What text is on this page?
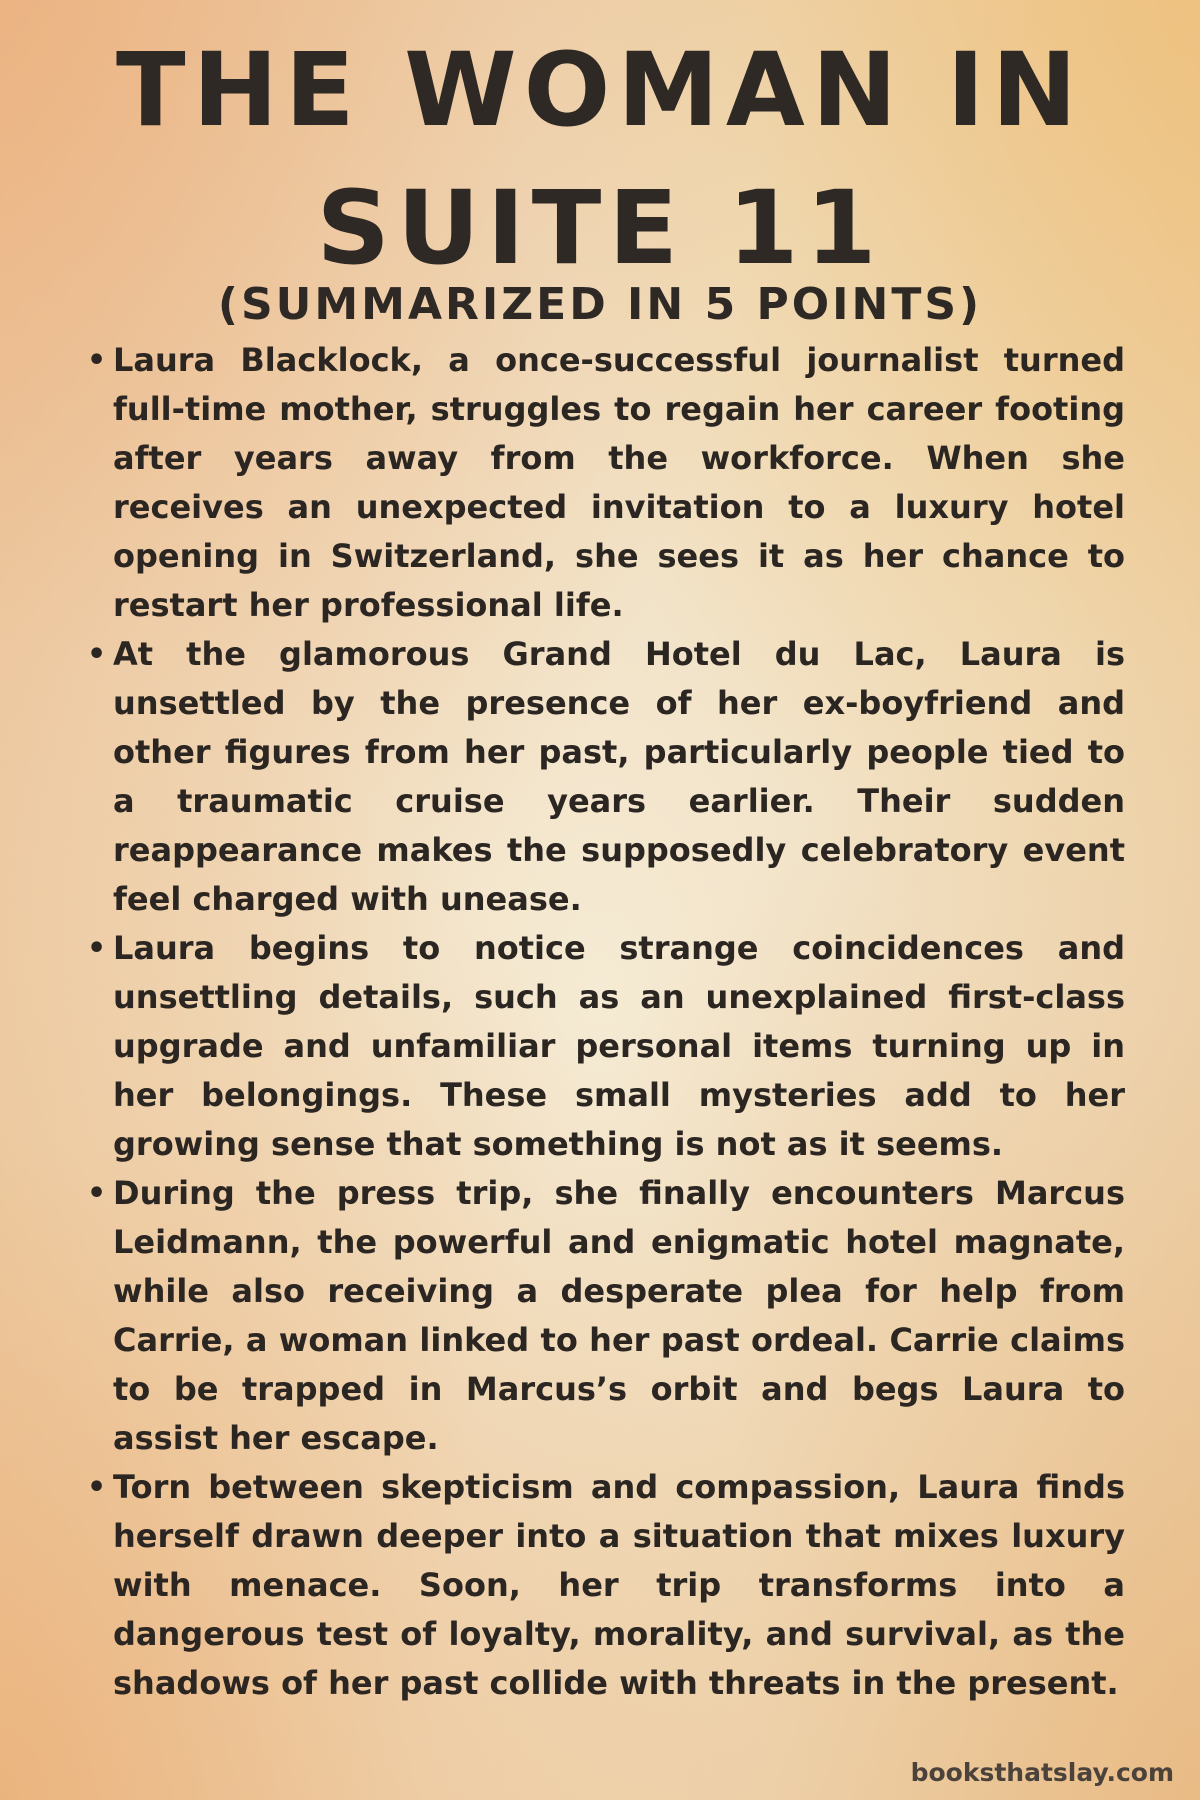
THE WOMAN IN
SUITE 11
(SUMMARIZED IN 5 POINTS)
• Laura Blacklock, a once-successful journalist turned full-time mother, struggles to regain her career footing after years away from the workforce. When she receives an unexpected invitation to a luxury hotel opening in Switzerland, she sees it as her chance to restart her professional life.
• At the glamorous Grand Hotel du Lac, Laura is unsettled by the presence of her ex-boyfriend and other figures from her past, particularly people tied to a traumatic cruise years earlier. Their sudden reappearance makes the supposedly celebratory event feel charged with unease.
• Laura begins to notice strange coincidences and unsettling details, such as an unexplained first-class upgrade and unfamiliar personal items turning up in her belongings. These small mysteries add to her growing sense that something is not as it seems.
• During the press trip, she finally encounters Marcus Leidmann, the powerful and enigmatic hotel magnate, while also receiving a desperate plea for help from Carrie, a woman linked to her past ordeal. Carrie claims to be trapped in Marcus’s orbit and begs Laura to assist her escape.
• Torn between skepticism and compassion, Laura finds herself drawn deeper into a situation that mixes luxury with menace. Soon, her trip transforms into a dangerous test of loyalty, morality, and survival, as the shadows of her past collide with threats in the present.
booksthatslay.com
